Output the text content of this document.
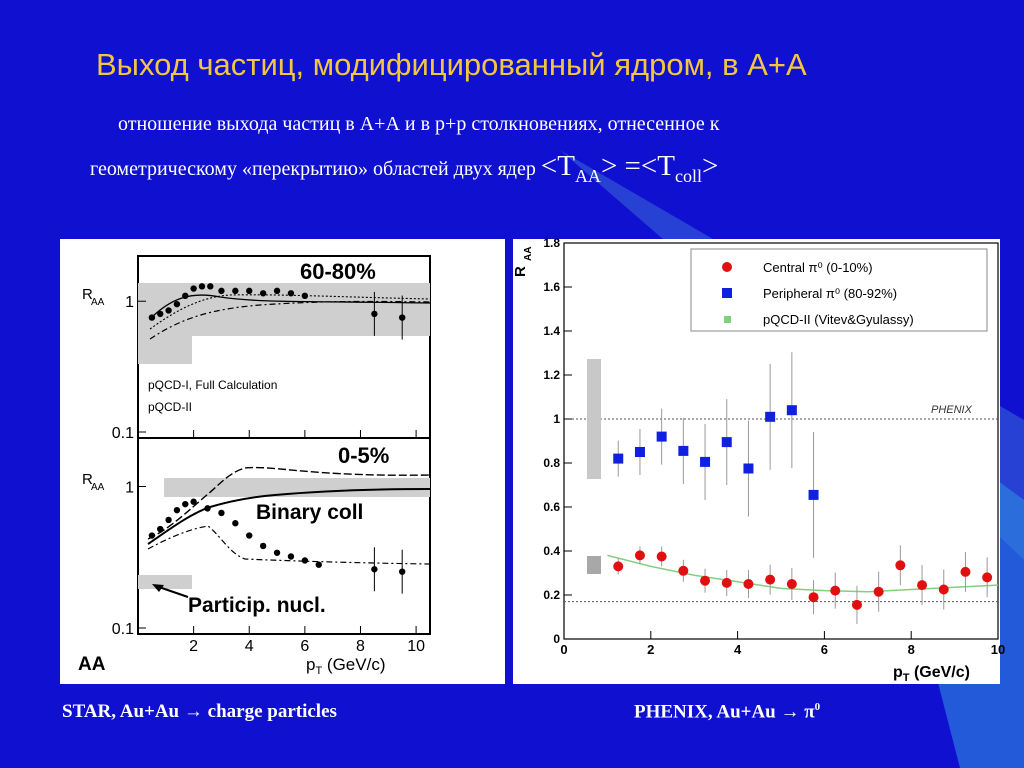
Выход частиц, модифицированный ядром, в А+А
отношение выхода частиц в А+А и в p+p столкновениях, отнесенное к
геометрическому «перекрытию» областей двух ядер $<T_{AA}> =<T_{coll}>$
R
AA
R
AA
1
0.1
1
0.1
2	4	6	8	10
60-80%
0-5%
Binary coll
Particip. nucl.
pQCD-I, Full Calculation
pQCD-II
AA	$p_T$ (GeV/c)
PHENIX
0
0.2
0.4
0.6
0.8
1
1.2
1.4
1.6
1.8
0	2	4	6	8	10
Central π⁰ (0-10%)
Peripheral π⁰ (80-92%)
pQCD-II (Vitev&Gyulassy)
R
AA
$p_T$ (GeV/c)
STAR, Au+Au → charge particles	PHENIX, $Au+Au \to \pi^0$
